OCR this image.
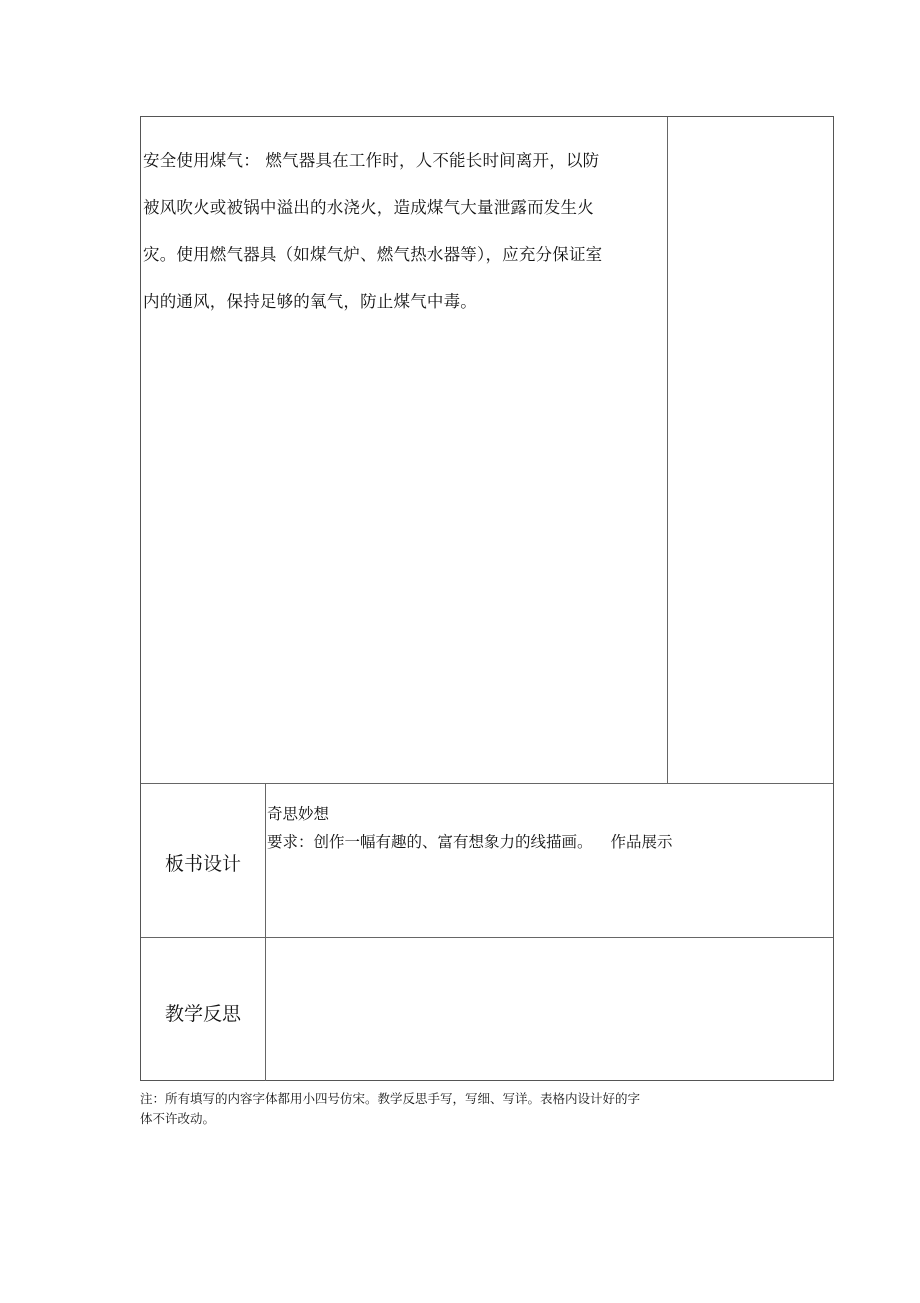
安全使用煤气： 燃气器具在工作时，人不能长时间离开，以防

被风吹火或被锅中溢出的水浇火，造成煤气大量泄露而发生火

灾。使用燃气器具（如煤气炉、燃气热水器等），应充分保证室

内的通风，保持足够的氧气，防止煤气中毒。

板书设计

奇思妙想

要求：创作一幅有趣的、富有想象力的线描画。 作品展示

教学反思

注：所有填写的内容字体都用小四号仿宋。教学反思手写，写细、写详。表格内设计好的字

体不许改动。
